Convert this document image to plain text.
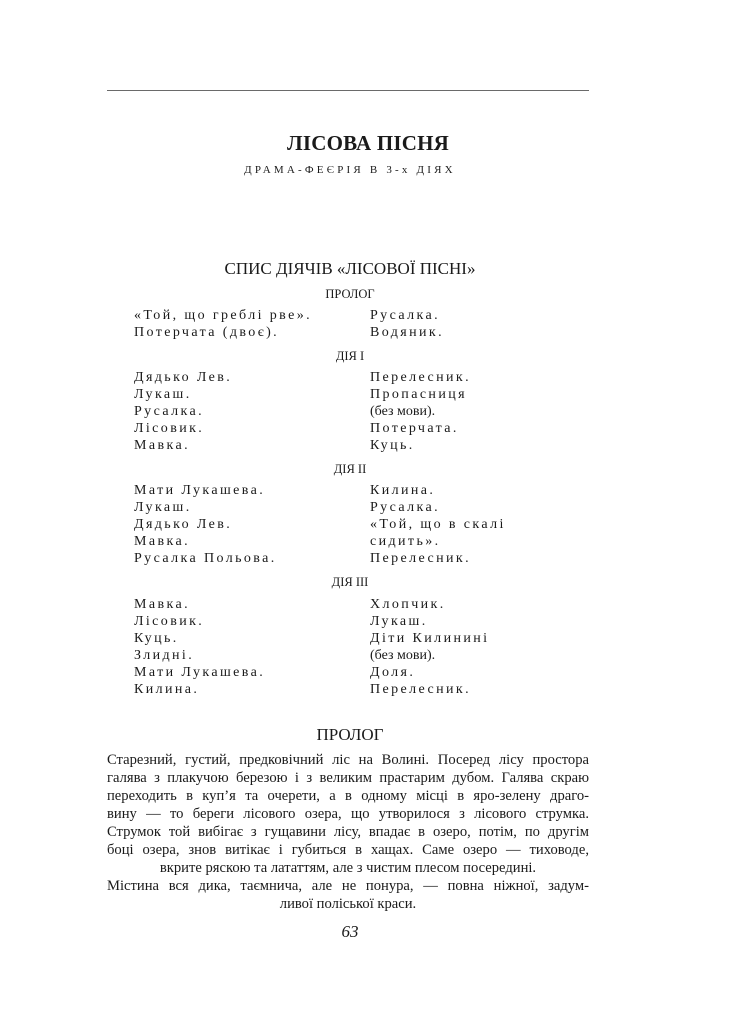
ЛІСОВА ПІСНЯ
ДРАМА-ФЕЄРІЯ В 3-х ДІЯХ
СПИС ДІЯЧІВ «ЛІСОВОЇ ПІСНІ»
ПРОЛОГ
«Той, що греблі рве».	Русалка.
Потерчата (двоє).	Водяник.
ДІЯ І
Дядько Лев.	Перелесник.
Лукаш.	Пропасниця
Русалка.	(без мови).
Лісовик.	Потерчата.
Мавка.	Куць.
ДІЯ ІІ
Мати Лукашева.	Килина.
Лукаш.	Русалка.
Дядько Лев.	«Той, що в скалі
Мавка.	сидить».
Русалка Польова.	Перелесник.
ДІЯ ІІІ
Мавка.	Хлопчик.
Лісовик.	Лукаш.
Куць.	Діти Килинині
Злидні.	(без мови).
Мати Лукашева.	Доля.
Килина.	Перелесник.
ПРОЛОГ
Старезний, густий, предковічний ліс на Волині. Посеред лісу простора
галява з плакучою березою і з великим прастарим дубом. Галява скраю
переходить в куп’я та очерети, а в одному місці в яро-зелену драго-
вину — то береги лісового озера, що утворилося з лісового струмка.
Струмок той вибігає з гущавини лісу, впадає в озеро, потім, по другім
боці озера, знов витікає і губиться в хащах. Саме озеро — тиховоде,
вкрите ряскою та лататтям, але з чистим плесом посередині.
Містина вся дика, таємнича, але не понура, — повна ніжної, задум-
ливої поліської краси.
63
